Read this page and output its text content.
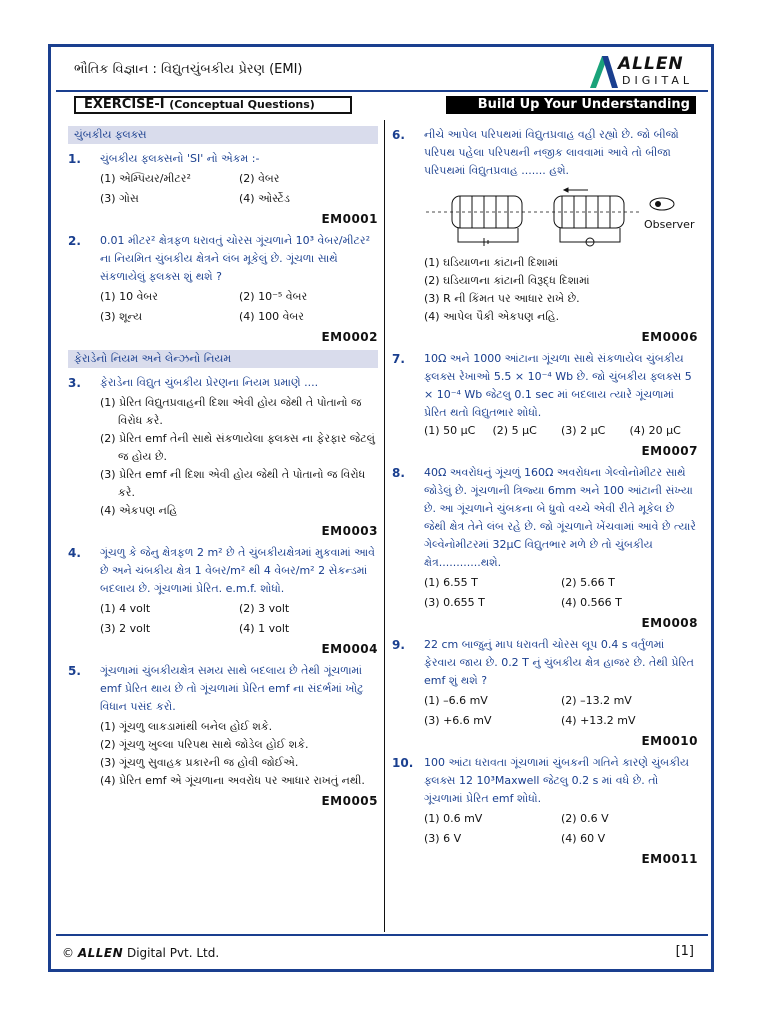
ભૌતિક વિજ્ઞાન : વિદ્યુતચુંબકીય પ્રેરણ (EMI)	ALLEN
DIGITAL
EXERCISE-I (Conceptual Questions)	Build Up Your Understanding
ચુંબકીય ફ્લક્સ
1.	ચુંબકીય ફ્લક્સનો 'SI' નો એકમ :-
(1) એમ્પિયર/મીટર²	(2) વેબર
(3) ગોસ	(4) ઓર્સ્ટેડ
EM0001
2.	0.01 મીટર² ક્ષેત્રફળ ધરાવતું ચોરસ ગૂંચળાને 10³ વેબર/મીટર² ના નિયમિત ચુંબકીય ક્ષેત્રને લંબ મૂકેલું છે. ગૂંચળા સાથે સંકળાયેલું ફ્લક્સ શું થશે ?
(1) 10 વેબર	(2) 10⁻⁵ વેબર
(3) શૂન્ય	(4) 100 વેબર
EM0002
ફેરાડેનો નિયમ અને લેન્ઝનો નિયમ
3.	ફેરાડેના વિદ્યુત ચુંબકીય પ્રેરણના નિયમ પ્રમાણે ....
(1) પ્રેરિત વિદ્યુતપ્રવાહની દિશા એવી હોય જેથી તે પોતાનો જ વિરોધ કરે.
(2) પ્રેરિત emf તેની સાથે સંકળાયેલા ફ્લક્સ ના ફેરફાર જેટલું જ હોય છે.
(3) પ્રેરિત emf ની દિશા એવી હોય જેથી તે પોતાનો જ વિરોધ કરે.
(4) એકપણ નહિ
EM0003
4.	ગૂંચળુ કે જેનુ ક્ષેત્રફળ 2 m² છે તે ચુંબકીયક્ષેત્રમાં મુકવામાં આવે છે અને ચંબકીય ક્ષેત્ર 1 વેબર/m² થી 4 વેબર/m² 2 સેકન્ડમાં બદલાય છે. ગૂંચળામાં પ્રેરિત. e.m.f. શોધો.
(1) 4 volt	(2) 3 volt
(3) 2 volt	(4) 1 volt
EM0004
5.	ગૂંચળામાં ચુંબકીયક્ષેત્ર સમય સાથે બદલાય છે તેથી ગૂંચળામાં emf પ્રેરિત થાય છે તો ગૂંચળામાં પ્રેરિત emf ના સંદર્ભમાં ખોટુ વિધાન પસંદ કરો.
(1) ગૂંચળુ લાકડામાંથી બનેલ હોઈ શકે.
(2) ગૂંચળુ ખુલ્લા પરિપથ સાથે જોડેલ હોઈ શકે.
(3) ગૂંચળુ સુવાહક પ્રકારની જ હોવી જોઈએ.
(4) પ્રેરિત emf એ ગૂંચળાના અવરોધ પર આધાર રાખતું નથી.
EM0005
6.	નીચે આપેલ પરિપથમાં વિદ્યુતપ્રવાહ વહી રહ્યો છે. જો બીજો પરિપથ પહેલા પરિપથની નજીક લાવવામાં આવે તો બીજા પરિપથમાં વિદ્યુતપ્રવાહ ....... હશે.
Observer
(1) ઘડિયાળના કાંટાની દિશામાં
(2) ઘડિયાળના કાંટાની વિરૂદ્ધ દિશામાં
(3) R ની કિંમત પર આધાર રાખે છે.
(4) આપેલ પૈકી એકપણ નહિ.
EM0006
7.	10Ω અને 1000 આંટાના ગૂંચળા સાથે સંકળાયેલ ચુંબકીય ફ્લક્સ રેખાઓ 5.5 × 10⁻⁴ Wb છે. જો ચુંબકીય ફ્લક્સ 5 × 10⁻⁴ Wb જેટલુ 0.1 sec માં બદલાય ત્યારે ગૂંચળામાં પ્રેરિત થતો વિદ્યુતભાર શોધો.
(1) 50 μC	(2) 5 μC	(3) 2 μC	(4) 20 μC
EM0007
8.	40Ω અવરોધનું ગૂંચળું 160Ω અવરોધના ગેલ્વોનોમીટર સાથે જોડેલું છે. ગૂંચળાની ત્રિજ્યા 6mm અને 100 આંટાની સંખ્યા છે. આ ગૂંચળાને ચુંબકના બે ધ્રુવો વચ્ચે એવી રીતે મૂકેલ છે જેથી ક્ષેત્ર તેને લંબ રહે છે. જો ગૂંચળાને ખેંચવામાં આવે છે ત્યારે ગેલ્વેનોમીટરમાં 32μC વિદ્યુતભાર મળે છે તો ચુંબકીય ક્ષેત્ર............થશે.
(1) 6.55 T	(2) 5.66 T
(3) 0.655 T	(4) 0.566 T
EM0008
9.	22 cm બાજુનું માપ ધરાવતી ચોરસ લૂપ 0.4 s વર્તુળમાં ફેરવાય જાય છે. 0.2 T નું ચુંબકીય ક્ષેત્ર હાજર છે. તેથી પ્રેરિત emf શું થશે ?
(1) –6.6 mV	(2) –13.2 mV
(3) +6.6 mV	(4) +13.2 mV
EM0010
10. 100 આંટા ધરાવતા ગૂંચળામાં ચુંબકની ગતિને કારણે ચુંબકીય ફ્લક્સ 12 10³Maxwell જેટલુ 0.2 s માં વધે છે. તો ગૂંચળામાં પ્રેરિત emf શોધો.
(1) 0.6 mV	(2) 0.6 V
(3) 6 V	(4) 60 V
EM0011
© ALLEN Digital Pvt. Ltd.	[1]
